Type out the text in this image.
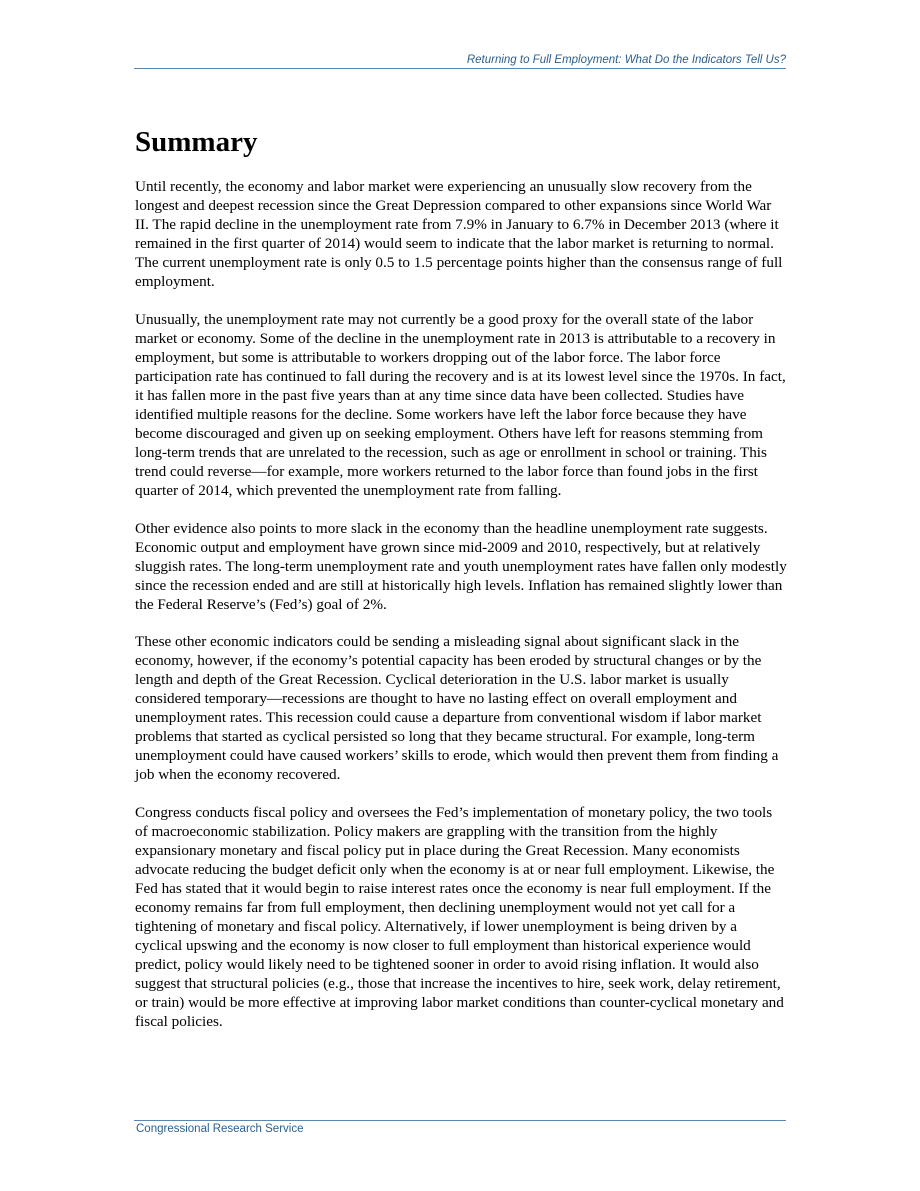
Returning to Full Employment: What Do the Indicators Tell Us?
Summary

Until recently, the economy and labor market were experiencing an unusually slow recovery from the longest and deepest recession since the Great Depression compared to other expansions since World War II. The rapid decline in the unemployment rate from 7.9% in January to 6.7% in December 2013 (where it remained in the first quarter of 2014) would seem to indicate that the labor market is returning to normal. The current unemployment rate is only 0.5 to 1.5 percentage points higher than the consensus range of full employment.

Unusually, the unemployment rate may not currently be a good proxy for the overall state of the labor market or economy. Some of the decline in the unemployment rate in 2013 is attributable to a recovery in employment, but some is attributable to workers dropping out of the labor force. The labor force participation rate has continued to fall during the recovery and is at its lowest level since the 1970s. In fact, it has fallen more in the past five years than at any time since data have been collected. Studies have identified multiple reasons for the decline. Some workers have left the labor force because they have become discouraged and given up on seeking employment. Others have left for reasons stemming from long-term trends that are unrelated to the recession, such as age or enrollment in school or training. This trend could reverse—for example, more workers returned to the labor force than found jobs in the first quarter of 2014, which prevented the unemployment rate from falling.

Other evidence also points to more slack in the economy than the headline unemployment rate suggests. Economic output and employment have grown since mid-2009 and 2010, respectively, but at relatively sluggish rates. The long-term unemployment rate and youth unemployment rates have fallen only modestly since the recession ended and are still at historically high levels. Inflation has remained slightly lower than the Federal Reserve’s (Fed’s) goal of 2%.

These other economic indicators could be sending a misleading signal about significant slack in the economy, however, if the economy’s potential capacity has been eroded by structural changes or by the length and depth of the Great Recession. Cyclical deterioration in the U.S. labor market is usually considered temporary—recessions are thought to have no lasting effect on overall employment and unemployment rates. This recession could cause a departure from conventional wisdom if labor market problems that started as cyclical persisted so long that they became structural. For example, long-term unemployment could have caused workers’ skills to erode, which would then prevent them from finding a job when the economy recovered.

Congress conducts fiscal policy and oversees the Fed’s implementation of monetary policy, the two tools of macroeconomic stabilization. Policy makers are grappling with the transition from the highly expansionary monetary and fiscal policy put in place during the Great Recession. Many economists advocate reducing the budget deficit only when the economy is at or near full employment. Likewise, the Fed has stated that it would begin to raise interest rates once the economy is near full employment. If the economy remains far from full employment, then declining unemployment would not yet call for a tightening of monetary and fiscal policy. Alternatively, if lower unemployment is being driven by a cyclical upswing and the economy is now closer to full employment than historical experience would predict, policy would likely need to be tightened sooner in order to avoid rising inflation. It would also suggest that structural policies (e.g., those that increase the incentives to hire, seek work, delay retirement, or train) would be more effective at improving labor market conditions than counter-cyclical monetary and fiscal policies.

Congressional Research Service
